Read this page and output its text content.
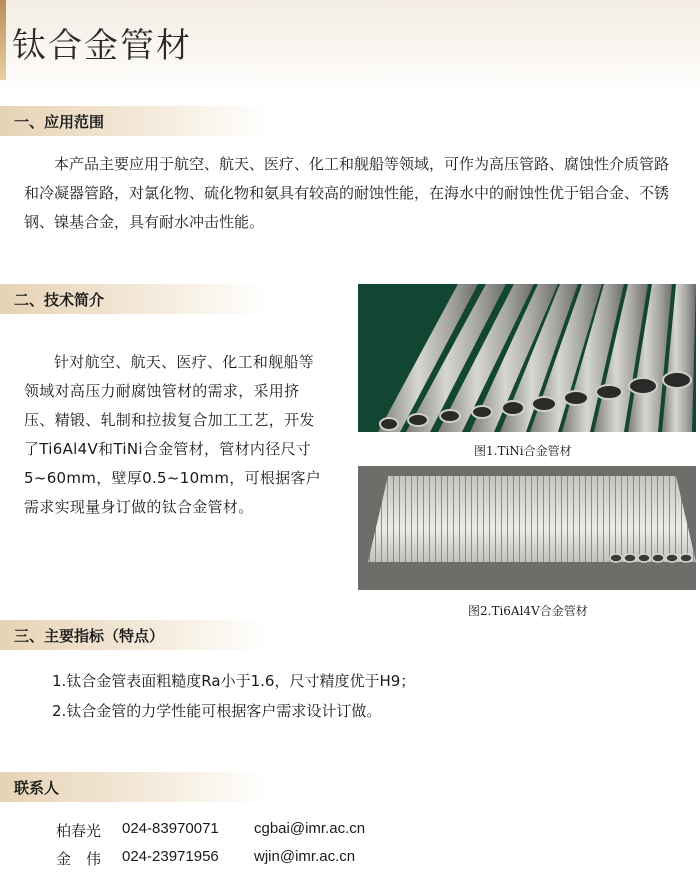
钛合金管材
一、应用范围
本产品主要应用于航空、航天、医疗、化工和舰船等领域，可作为高压管路、腐蚀性介质管路和冷凝器管路，对氯化物、硫化物和氨具有较高的耐蚀性能，在海水中的耐蚀性优于铝合金、不锈钢、镍基合金，具有耐水冲击性能。
二、技术简介
针对航空、航天、医疗、化工和舰船等领域对高压力耐腐蚀管材的需求，采用挤压、精锻、轧制和拉拔复合加工工艺，开发了Ti6Al4V和TiNi合金管材，管材内径尺寸5~60mm，壁厚0.5~10mm，可根据客户需求实现量身订做的钛合金管材。
图1.TiNi合金管材
图2.Ti6Al4V合金管材
三、主要指标（特点）
1.钛合金管表面粗糙度Ra小于1.6，尺寸精度优于H9；
2.钛合金管的力学性能可根据客户需求设计订做。
联系人
柏春光	024-83970071	cgbai@imr.ac.cn
金　伟	024-23971956	wjin@imr.ac.cn
